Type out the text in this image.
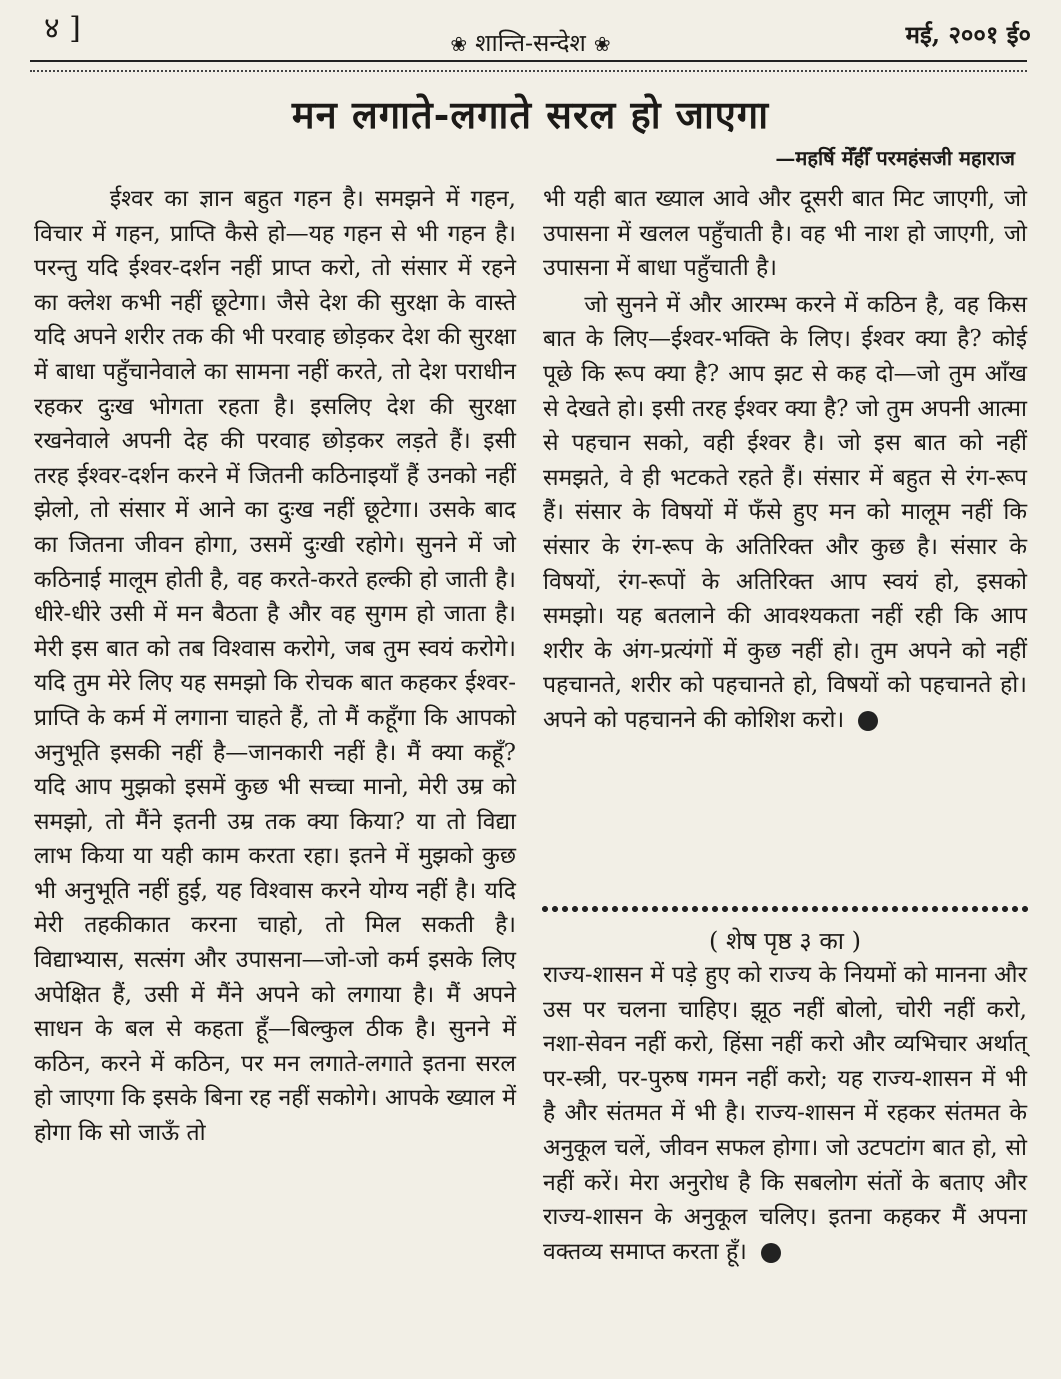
४ ]	❀ शान्ति-सन्देश ❀	मई, २००१ ई०
मन लगाते-लगाते सरल हो जाएगा
—महर्षि मेँहीँ परमहंसजी महाराज

ईश्वर का ज्ञान बहुत गहन है। समझने में गहन, विचार में गहन, प्राप्ति कैसे हो—यह गहन से भी गहन है। परन्तु यदि ईश्वर-दर्शन नहीं प्राप्त करो, तो संसार में रहने का क्लेश कभी नहीं छूटेगा। जैसे देश की सुरक्षा के वास्ते यदि अपने शरीर तक की भी परवाह छोड़कर देश की सुरक्षा में बाधा पहुँचानेवाले का सामना नहीं करते, तो देश पराधीन रहकर दुःख भोगता रहता है। इसलिए देश की सुरक्षा रखनेवाले अपनी देह की परवाह छोड़कर लड़ते हैं। इसी तरह ईश्वर-दर्शन करने में जितनी कठिनाइयाँ हैं उनको नहीं झेलो, तो संसार में आने का दुःख नहीं छूटेगा। उसके बाद का जितना जीवन होगा, उसमें दुःखी रहोगे। सुनने में जो कठिनाई मालूम होती है, वह करते-करते हल्की हो जाती है। धीरे-धीरे उसी में मन बैठता है और वह सुगम हो जाता है। मेरी इस बात को तब विश्वास करोगे, जब तुम स्वयं करोगे। यदि तुम मेरे लिए यह समझो कि रोचक बात कहकर ईश्वर-प्राप्ति के कर्म में लगाना चाहते हैं, तो मैं कहूँगा कि आपको अनुभूति इसकी नहीं है—जानकारी नहीं है। मैं क्या कहूँ? यदि आप मुझको इसमें कुछ भी सच्चा मानो, मेरी उम्र को समझो, तो मैंने इतनी उम्र तक क्या किया? या तो विद्या लाभ किया या यही काम करता रहा। इतने में मुझको कुछ भी अनुभूति नहीं हुई, यह विश्वास करने योग्य नहीं है। यदि मेरी तहकीकात करना चाहो, तो मिल सकती है। विद्याभ्यास, सत्संग और उपासना—जो-जो कर्म इसके लिए अपेक्षित हैं, उसी में मैंने अपने को लगाया है। मैं अपने साधन के बल से कहता हूँ—बिल्कुल ठीक है। सुनने में कठिन, करने में कठिन, पर मन लगाते-लगाते इतना सरल हो जाएगा कि इसके बिना रह नहीं सकोगे। आपके ख्याल में होगा कि सो जाऊँ तो

भी यही बात ख्याल आवे और दूसरी बात मिट जाएगी, जो उपासना में खलल पहुँचाती है। वह भी नाश हो जाएगी, जो उपासना में बाधा पहुँचाती है।

जो सुनने में और आरम्भ करने में कठिन है, वह किस बात के लिए—ईश्वर-भक्ति के लिए। ईश्वर क्या है? कोई पूछे कि रूप क्या है? आप झट से कह दो—जो तुम आँख से देखते हो। इसी तरह ईश्वर क्या है? जो तुम अपनी आत्मा से पहचान सको, वही ईश्वर है। जो इस बात को नहीं समझते, वे ही भटकते रहते हैं। संसार में बहुत से रंग-रूप हैं। संसार के विषयों में फँसे हुए मन को मालूम नहीं कि संसार के रंग-रूप के अतिरिक्त और कुछ है। संसार के विषयों, रंग-रूपों के अतिरिक्त आप स्वयं हो, इसको समझो। यह बतलाने की आवश्यकता नहीं रही कि आप शरीर के अंग-प्रत्यंगों में कुछ नहीं हो। तुम अपने को नहीं पहचानते, शरीर को पहचानते हो, विषयों को पहचानते हो। अपने को पहचानने की कोशिश करो।

( शेष पृष्ठ ३ का )

राज्य-शासन में पड़े हुए को राज्य के नियमों को मानना और उस पर चलना चाहिए। झूठ नहीं बोलो, चोरी नहीं करो, नशा-सेवन नहीं करो, हिंसा नहीं करो और व्यभिचार अर्थात् पर-स्त्री, पर-पुरुष गमन नहीं करो; यह राज्य-शासन में भी है और संतमत में भी है। राज्य-शासन में रहकर संतमत के अनुकूल चलें, जीवन सफल होगा। जो उटपटांग बात हो, सो नहीं करें। मेरा अनुरोध है कि सबलोग संतों के बताए और राज्य-शासन के अनुकूल चलिए। इतना कहकर मैं अपना वक्तव्य समाप्त करता हूँ।
